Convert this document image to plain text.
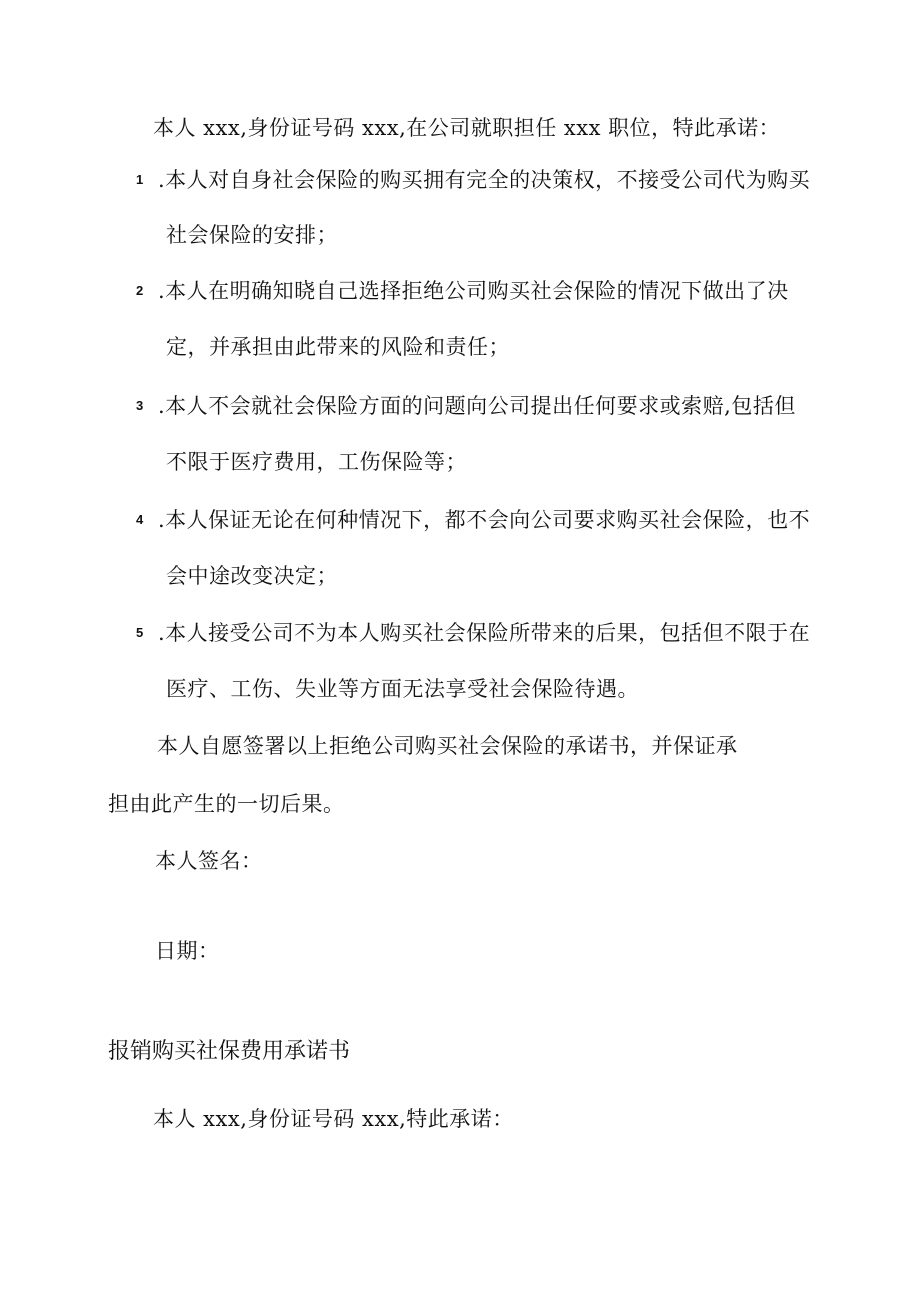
本人 xxx,身份证号码 xxx,在公司就职担任 xxx 职位，特此承诺：
1 .本人对自身社会保险的购买拥有完全的决策权，不接受公司代为购买
社会保险的安排；
2 .本人在明确知晓自己选择拒绝公司购买社会保险的情况下做出了决
定，并承担由此带来的风险和责任；
3 .本人不会就社会保险方面的问题向公司提出任何要求或索赔,包括但
不限于医疗费用，工伤保险等；
4 .本人保证无论在何种情况下，都不会向公司要求购买社会保险，也不
会中途改变决定；
5 .本人接受公司不为本人购买社会保险所带来的后果，包括但不限于在
医疗、工伤、失业等方面无法享受社会保险待遇。
本人自愿签署以上拒绝公司购买社会保险的承诺书，并保证承
担由此产生的一切后果。
本人签名：
日期：
报销购买社保费用承诺书
本人 xxx,身份证号码 xxx,特此承诺：
